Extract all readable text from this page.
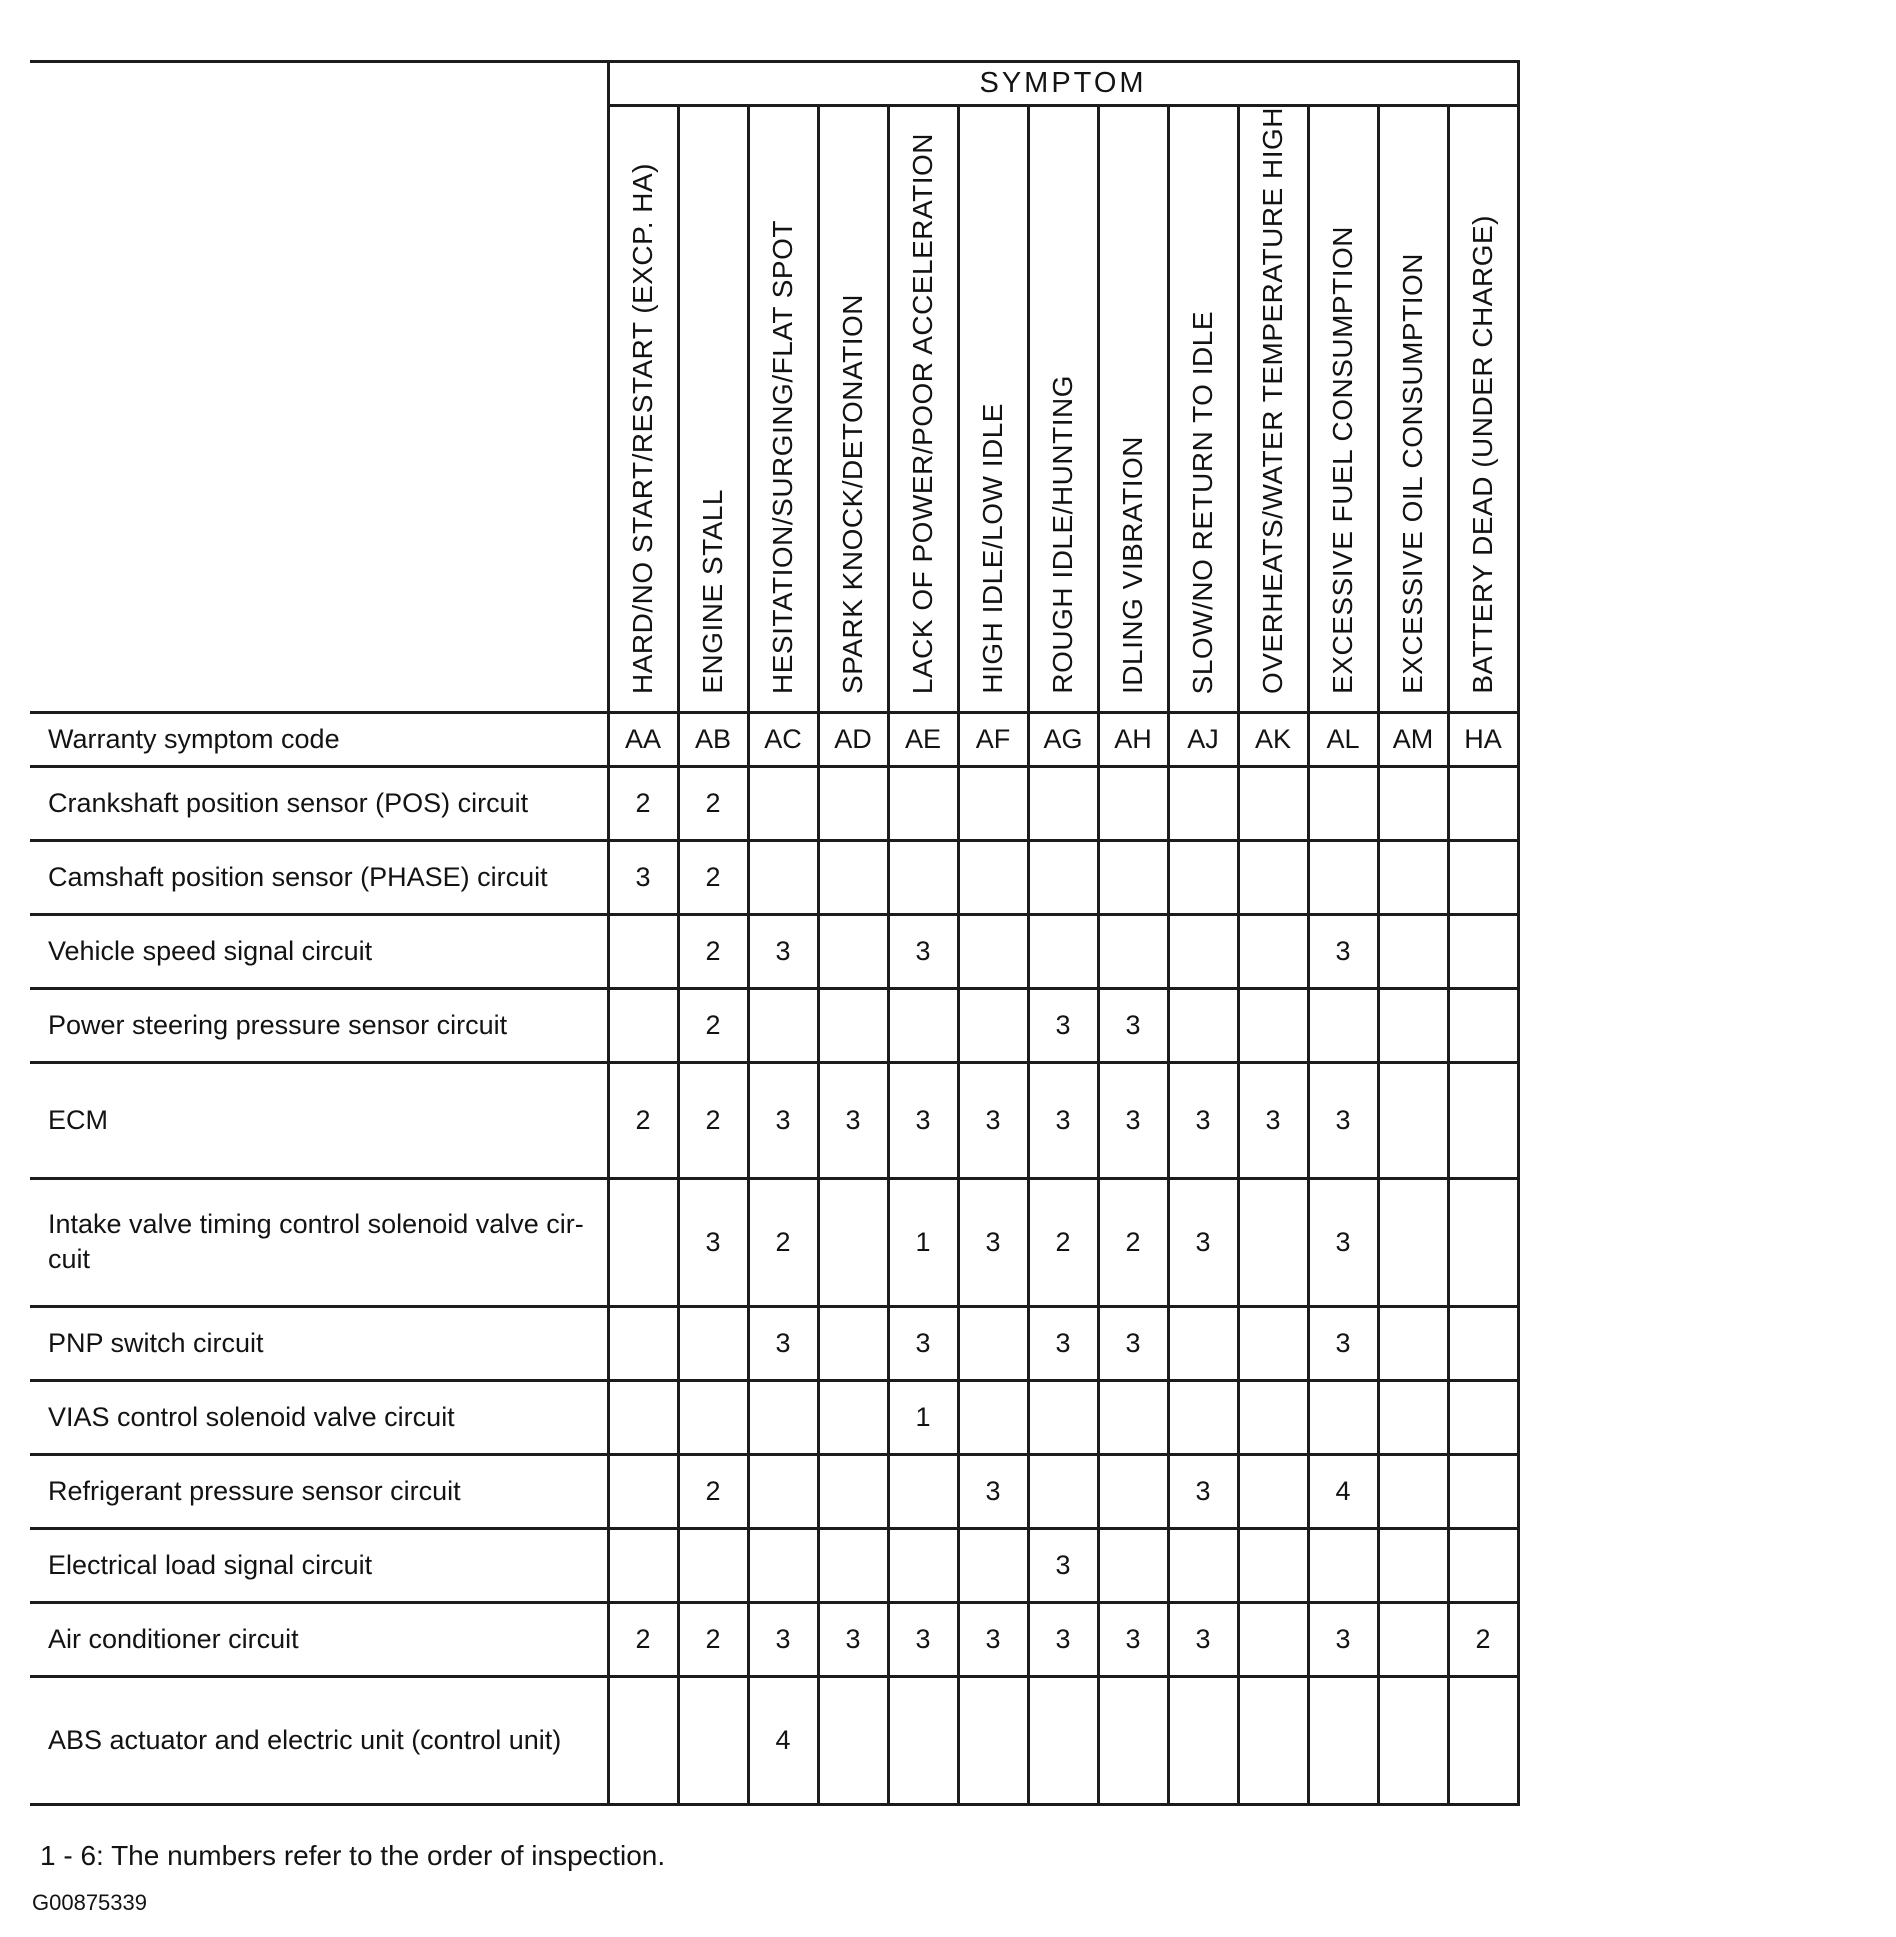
	SYMPTOM												
	HARD/NO START/RESTART (EXCP. HA)	ENGINE STALL	HESITATION/SURGING/FLAT SPOT	SPARK KNOCK/DETONATION	LACK OF POWER/POOR ACCELERATION	HIGH IDLE/LOW IDLE	ROUGH IDLE/HUNTING	IDLING VIBRATION	SLOW/NO RETURN TO IDLE	OVERHEATS/WATER TEMPERATURE HIGH	EXCESSIVE FUEL CONSUMPTION	EXCESSIVE OIL CONSUMPTION	BATTERY DEAD (UNDER CHARGE)
Warranty symptom code	AA	AB	AC	AD	AE	AF	AG	AH	AJ	AK	AL	AM	HA
Crankshaft position sensor (POS) circuit	2	2											
Camshaft position sensor (PHASE) circuit	3	2											
Vehicle speed signal circuit		2	3		3						3		
Power steering pressure sensor circuit		2					3	3					
ECM	2	2	3	3	3	3	3	3	3	3	3		
Intake valve timing control solenoid valve circuit		3	2		1	3	2	2	3		3		
PNP switch circuit			3		3		3	3			3		
VIAS control solenoid valve circuit					1								
Refrigerant pressure sensor circuit		2				3			3		4		
Electrical load signal circuit							3						
Air conditioner circuit	2	2	3	3	3	3	3	3	3		3		2
ABS actuator and electric unit (control unit)			4										
1 - 6: The numbers refer to the order of inspection.
G00875339
